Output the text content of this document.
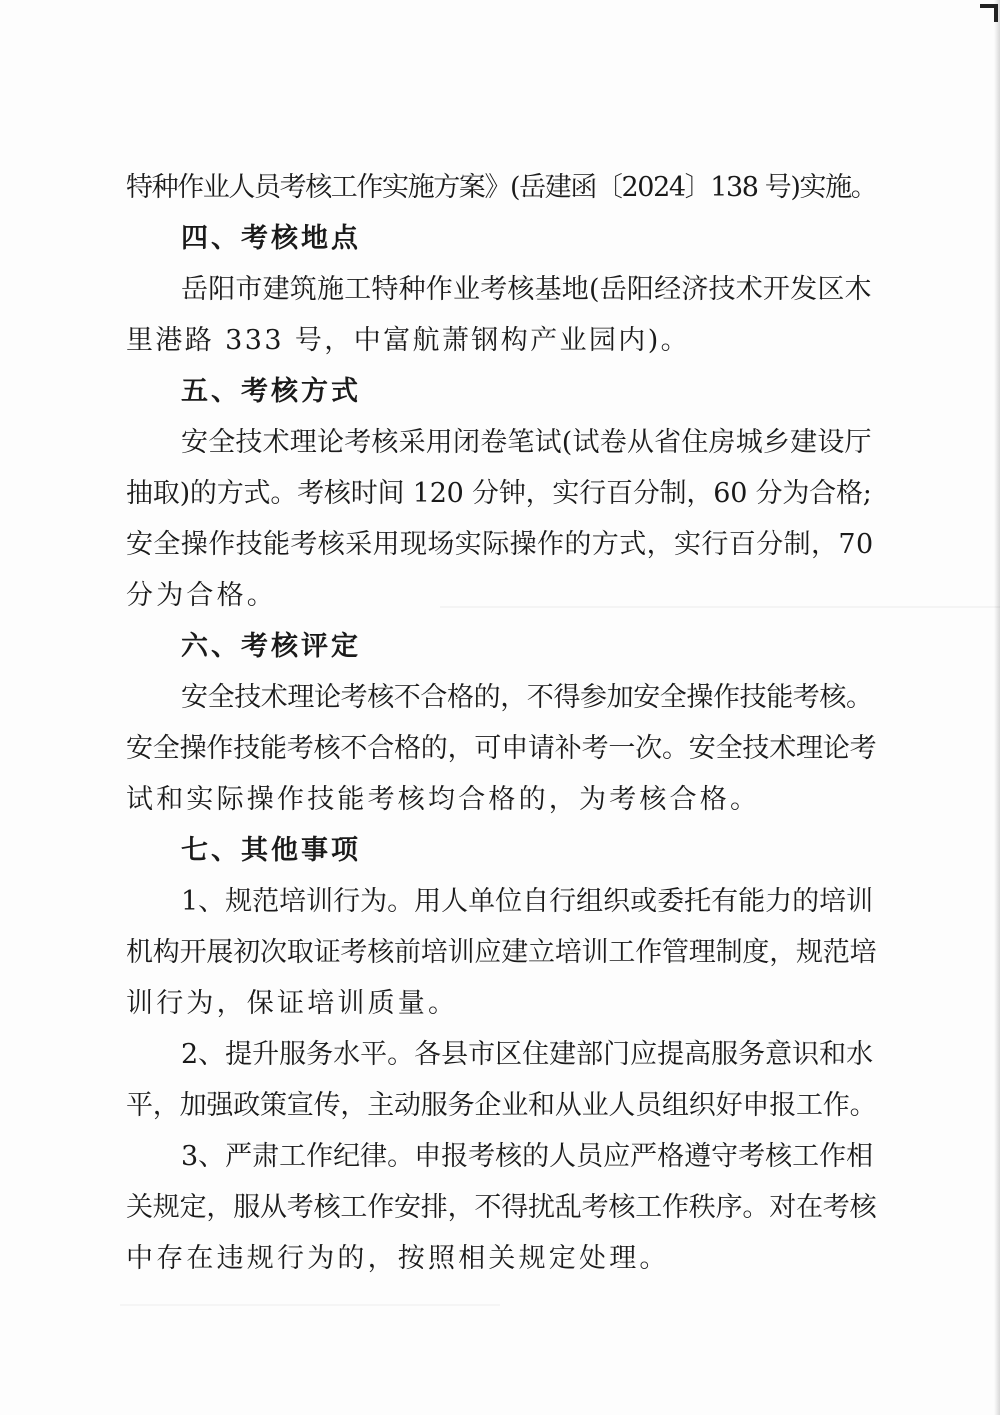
特种作业人员考核工作实施方案》(岳建函〔2024〕138 号)实施。
四、考核地点
岳阳市建筑施工特种作业考核基地(岳阳经济技术开发区木
里港路 333 号，中富航萧钢构产业园内)。
五、考核方式
安全技术理论考核采用闭卷笔试(试卷从省住房城乡建设厅
抽取)的方式。考核时间 120 分钟，实行百分制，60 分为合格;
安全操作技能考核采用现场实际操作的方式，实行百分制，70
分为合格。
六、考核评定
安全技术理论考核不合格的，不得参加安全操作技能考核。
安全操作技能考核不合格的，可申请补考一次。安全技术理论考
试和实际操作技能考核均合格的，为考核合格。
七、其他事项
1、规范培训行为。用人单位自行组织或委托有能力的培训
机构开展初次取证考核前培训应建立培训工作管理制度，规范培
训行为，保证培训质量。
2、提升服务水平。各县市区住建部门应提高服务意识和水
平，加强政策宣传，主动服务企业和从业人员组织好申报工作。
3、严肃工作纪律。申报考核的人员应严格遵守考核工作相
关规定，服从考核工作安排，不得扰乱考核工作秩序。对在考核
中存在违规行为的，按照相关规定处理。
